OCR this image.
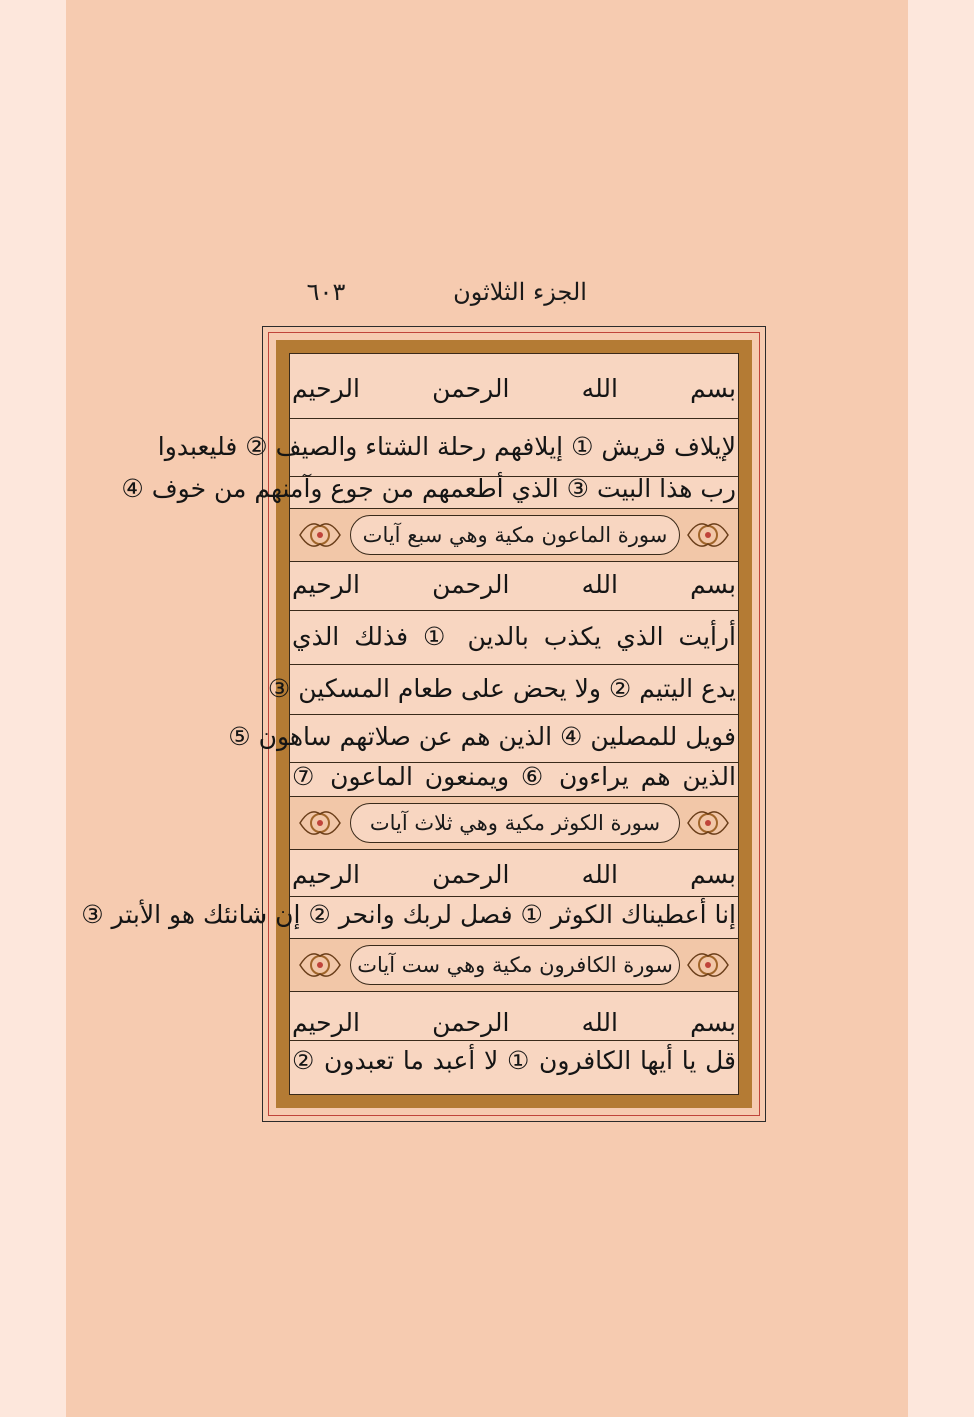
الجزء الثلاثون
٦٠٣
بسم الله الرحمن الرحيم
لإيلاف قريش ① إيلافهم رحلة الشتاء والصيف ② فليعبدوا
رب هذا البيت ③ الذي أطعمهم من جوع وآمنهم من خوف ④
سورة الماعون مكية وهي سبع آيات
بسم الله الرحمن الرحيم
أرأيت الذي يكذب بالدين ① فذلك الذي
يدع اليتيم ② ولا يحض على طعام المسكين ③
فويل للمصلين ④ الذين هم عن صلاتهم ساهون ⑤
الذين هم يراءون ⑥ ويمنعون الماعون ⑦
سورة الكوثر مكية وهي ثلاث آيات
بسم الله الرحمن الرحيم
إنا أعطيناك الكوثر ① فصل لربك وانحر ② إن شانئك هو الأبتر ③
سورة الكافرون مكية وهي ست آيات
بسم الله الرحمن الرحيم
قل يا أيها الكافرون ① لا أعبد ما تعبدون ②
